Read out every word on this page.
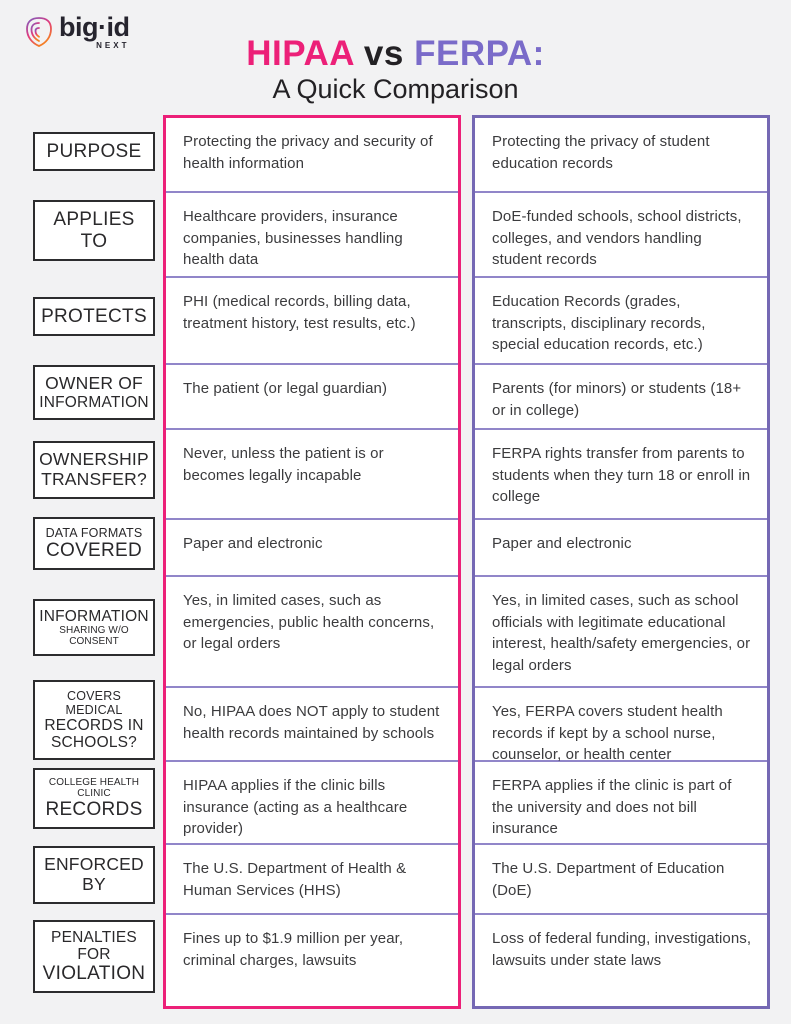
big·id
NEXT	HIPAA vs FERPA:
A Quick Comparison
PURPOSE
APPLIES TO
PROTECTS
OWNER OF
INFORMATION
OWNERSHIP
TRANSFER?
DATA FORMATS
COVERED
INFORMATION
SHARING W/O CONSENT
COVERS MEDICAL
RECORDS IN
SCHOOLS?
COLLEGE HEALTH CLINIC
RECORDS
ENFORCED BY
PENALTIES FOR
VIOLATION
Protecting the privacy and security of health information
Healthcare providers, insurance companies, businesses handling health data
PHI (medical records, billing data, treatment history, test results, etc.)
The patient (or legal guardian)
Never, unless the patient is or becomes legally incapable
Paper and electronic
Yes, in limited cases, such as emergencies, public health concerns, or legal orders
No, HIPAA does NOT apply to student health records maintained by schools
HIPAA applies if the clinic bills insurance (acting as a healthcare provider)
The U.S. Department of Health & Human Services (HHS)
Fines up to $1.9 million per year, criminal charges, lawsuits
Protecting the privacy of student education records
DoE-funded schools, school districts, colleges, and vendors handling student records
Education Records (grades, transcripts, disciplinary records, special education records, etc.)
Parents (for minors) or students (18+ or in college)
FERPA rights transfer from parents to students when they turn 18 or enroll in college
Paper and electronic
Yes, in limited cases, such as school officials with legitimate educational interest, health/safety emergencies, or legal orders
Yes, FERPA covers student health records if kept by a school nurse, counselor, or health center
FERPA applies if the clinic is part of the university and does not bill insurance
The U.S. Department of Education (DoE)
Loss of federal funding, investigations, lawsuits under state laws
